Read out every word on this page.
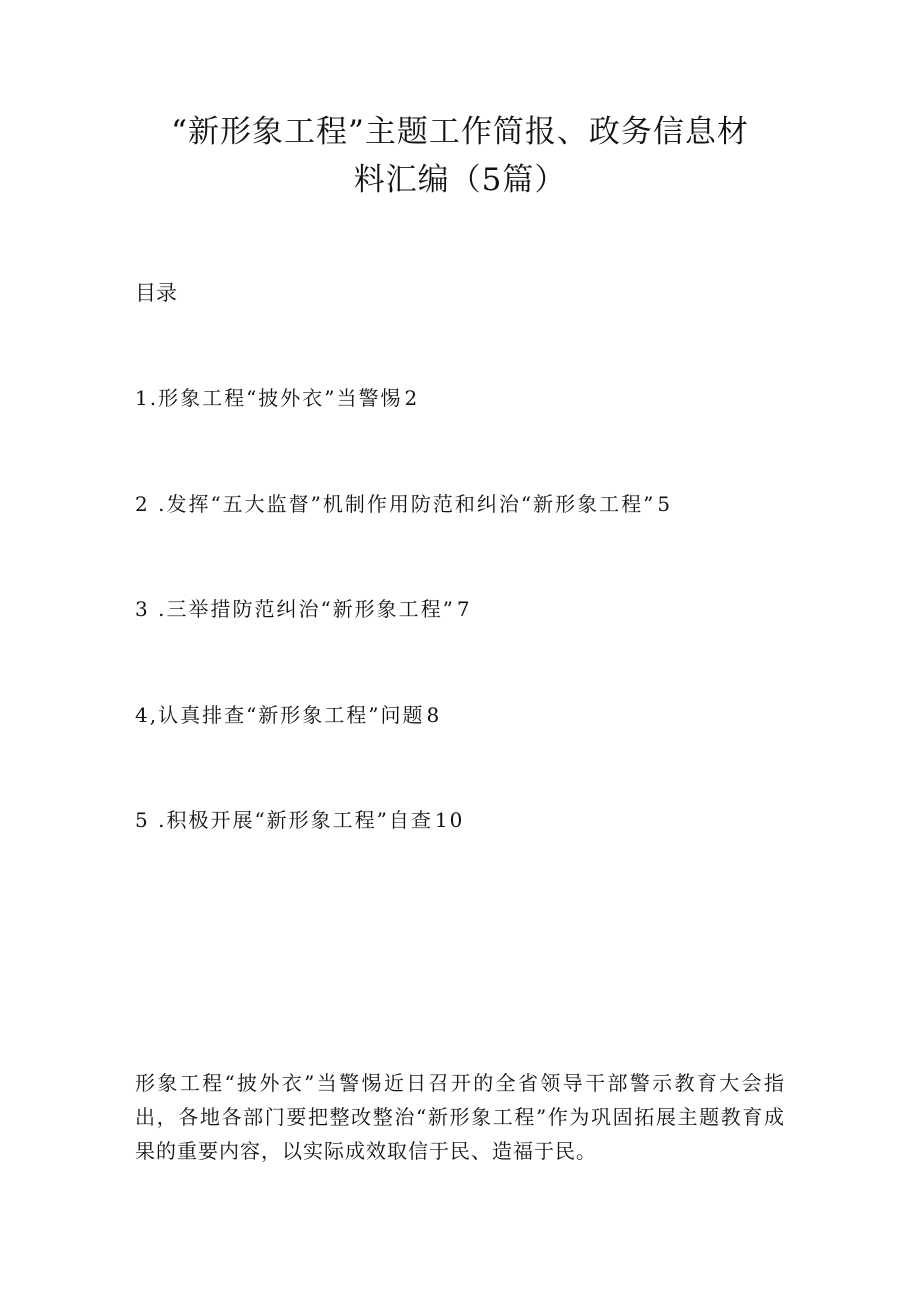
“新形象工程”主题工作简报、政务信息材
料汇编（5篇）
目录
1.形象工程“披外衣”当警惕 2
2 .发挥“五大监督”机制作用防范和纠治“新形象工程” 5
3 .三举措防范纠治“新形象工程” 7
4,认真排查“新形象工程”问题 8
5 .积极开展“新形象工程”自查 10

形象工程“披外衣”当警惕近日召开的全省领导干部警示教育大会指出，各地各部门要把整改整治“新形象工程”作为巩固拓展主题教育成果的重要内容，以实际成效取信于民、造福于民。
